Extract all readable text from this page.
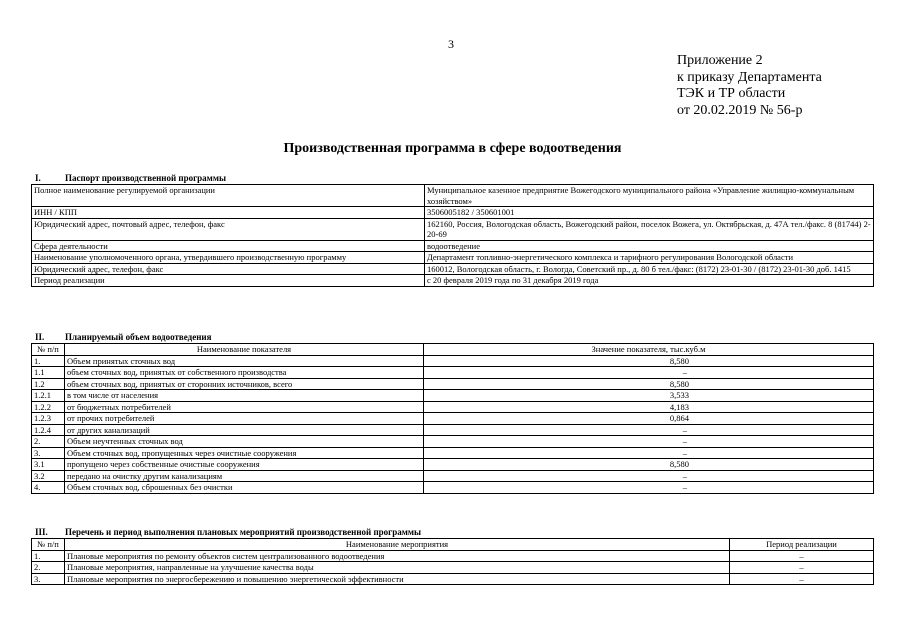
3
Приложение 2
к приказу Департамента
ТЭК и ТР области
от 20.02.2019 № 56-р
Производственная программа в сфере водоотведения
I.	Паспорт производственной программы
Полное наименование регулируемой организации	Муниципальное казенное предприятие Вожегодского муниципального района «Управление жилищно-коммунальным хозяйством»
ИНН / КПП	3506005182 / 350601001
Юридический адрес, почтовый адрес, телефон, факс	162160, Россия, Вологодская область, Вожегодский район, поселок Вожега, ул. Октябрьская, д. 47А тел./факс. 8 (81744) 2-20-69
Сфера деятельности	водоотведение
Наименование уполномоченного органа, утвердившего производственную программу	Департамент топливно-энергетического комплекса и тарифного регулирования Вологодской области
Юридический адрес, телефон, факс	160012, Вологодская область, г. Вологда, Советский пр., д. 80 б тел./факс: (8172) 23-01-30 / (8172) 23-01-30 доб. 1415
Период реализации	с 20 февраля 2019 года по 31 декабря 2019 года
II. Планируемый объем водоотведения
№ п/п	Наименование показателя	Значение показателя, тыс.куб.м
1.	Объем принятых сточных вод	8,580
1.1	объем сточных вод, принятых от собственного производства	–
1.2	объем сточных вод, принятых от сторонних источников, всего	8,580
1.2.1	в том числе от населения	3,533
1.2.2	от бюджетных потребителей	4,183
1.2.3	от прочих потребителей	0,864
1.2.4	от других канализаций	–
2.	Объем неучтенных сточных вод	–
3.	Объем сточных вод, пропущенных через очистные сооружения	–
3.1	пропущено через собственные очистные сооружения	8,580
3.2	передано на очистку другим канализациям	–
4.	Объем сточных вод, сброшенных без очистки	–
III. Перечень и период выполнения плановых мероприятий производственной программы
№ п/п	Наименование мероприятия	Период реализации
1.	Плановые мероприятия по ремонту объектов систем централизованного водоотведения	–
2.	Плановые мероприятия, направленные на улучшение качества воды	–
3.	Плановые мероприятия по энергосбережению и повышению энергетической эффективности	–
